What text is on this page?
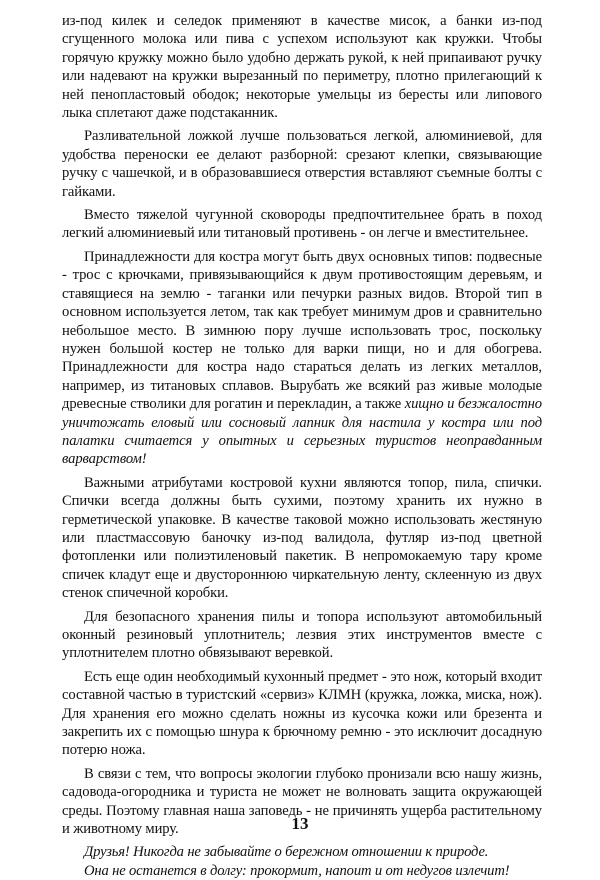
из-под килек и селедок применяют в качестве мисок, а банки из-под сгущенного молока или пива с успехом используют как кружки. Чтобы горячую кружку можно было удобно держать рукой, к ней припаивают ручку или надевают на кружки вырезанный по периметру, плотно прилегающий к ней пенопластовый ободок; некоторые умельцы из бересты или липового лыка сплетают даже подстаканник.

Разливательной ложкой лучше пользоваться легкой, алюминиевой, для удобства переноски ее делают разборной: срезают клепки, связывающие ручку с чашечкой, и в образовавшиеся отверстия вставляют съемные болты с гайками.

Вместо тяжелой чугунной сковороды предпочтительнее брать в поход легкий алюминиевый или титановый противень - он легче и вместительнее.

Принадлежности для костра могут быть двух основных типов: подвесные - трос с крючками, привязывающийся к двум противостоящим деревьям, и ставящиеся на землю - таганки или печурки разных видов. Второй тип в основном используется летом, так как требует минимум дров и сравнительно небольшое место. В зимнюю пору лучше использовать трос, поскольку нужен большой костер не только для варки пищи, но и для обогрева. Принадлежности для костра надо стараться делать из легких металлов, например, из титановых сплавов. Вырубать же всякий раз живые молодые древесные стволики для рогатин и перекладин, а также хищно и безжалостно уничтожать еловый или сосновый лапник для настила у костра или под палатки считается у опытных и серьезных туристов неоправданным варварством!

Важными атрибутами костровой кухни являются топор, пила, спички. Спички всегда должны быть сухими, поэтому хранить их нужно в герметической упаковке. В качестве таковой можно использовать жестяную или пластмассовую баночку из-под валидола, футляр из-под цветной фотопленки или полиэтиленовый пакетик. В непромокаемую тару кроме спичек кладут еще и двустороннюю чиркательную ленту, склеенную из двух стенок спичечной коробки.

Для безопасного хранения пилы и топора используют автомобильный оконный резиновый уплотнитель; лезвия этих инструментов вместе с уплотнителем плотно обвязывают веревкой.

Есть еще один необходимый кухонный предмет - это нож, который входит составной частью в туристский «сервиз» КЛМН (кружка, ложка, миска, нож). Для хранения его можно сделать ножны из кусочка кожи или брезента и закрепить их с помощью шнура к брючному ремню - это исключит досадную потерю ножа.

В связи с тем, что вопросы экологии глубоко пронизали всю нашу жизнь, садовода-огородника и туриста не может не волновать защита окружающей среды. Поэтому главная наша заповедь - не причинять ущерба растительному и животному миру.

Друзья! Никогда не забывайте о бережном отношении к природе.

Она не останется в долгу: прокормит, напоит и от недугов излечит!

13
